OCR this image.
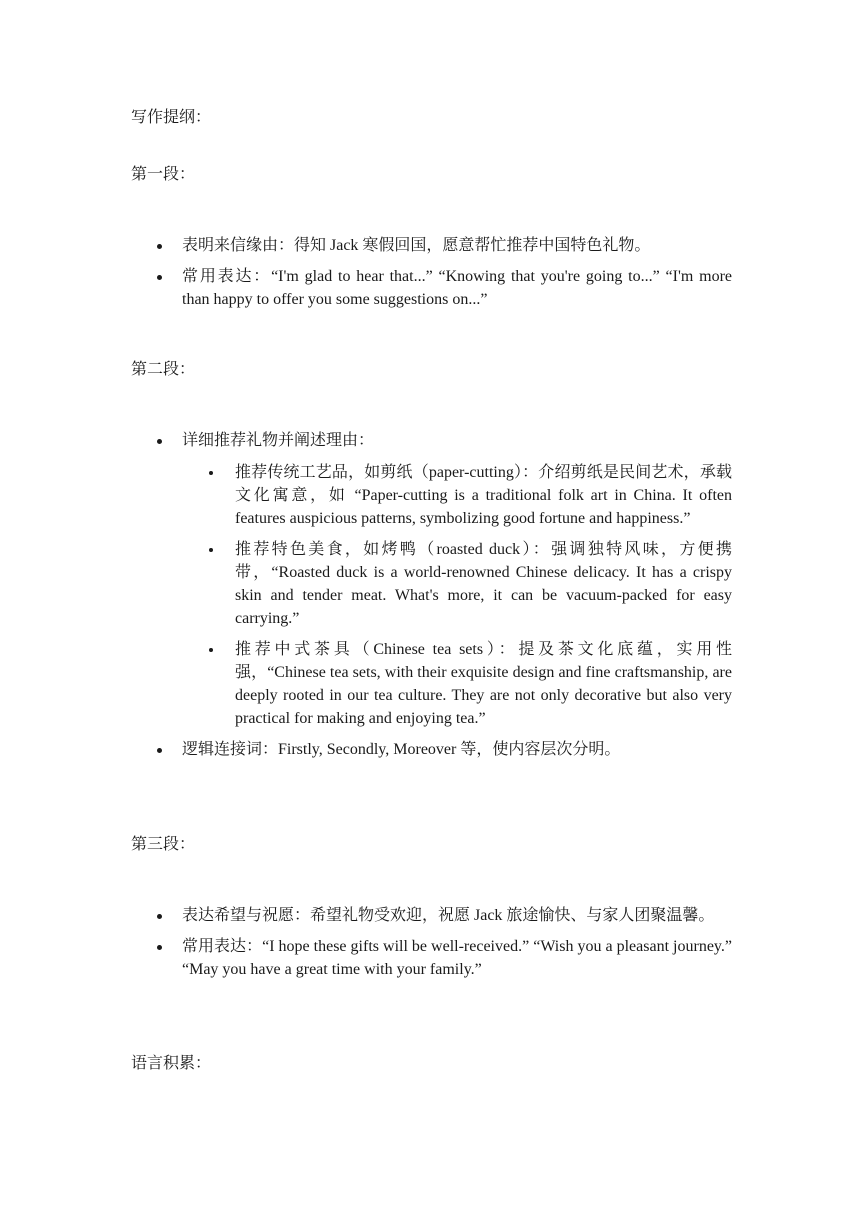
写作提纲：

第一段：

表明来信缘由：得知 Jack 寒假回国，愿意帮忙推荐中国特色礼物。
常用表达：“I'm glad to hear that...” “Knowing that you're going to...” “I'm more than happy to offer you some suggestions on...”

第二段：

详细推荐礼物并阐述理由：
推荐传统工艺品，如剪纸（paper-cutting）：介绍剪纸是民间艺术，承载文化寓意，如 “Paper-cutting is a traditional folk art in China. It often features auspicious patterns, symbolizing good fortune and happiness.”
推荐特色美食，如烤鸭（roasted duck）：强调独特风味，方便携带，“Roasted duck is a world-renowned Chinese delicacy. It has a crispy skin and tender meat. What's more, it can be vacuum-packed for easy carrying.”
推荐中式茶具（Chinese tea sets）：提及茶文化底蕴，实用性强，“Chinese tea sets, with their exquisite design and fine craftsmanship, are deeply rooted in our tea culture. They are not only decorative but also very practical for making and enjoying tea.”
逻辑连接词：Firstly, Secondly, Moreover 等，使内容层次分明。

第三段：

表达希望与祝愿：希望礼物受欢迎，祝愿 Jack 旅途愉快、与家人团聚温馨。
常用表达：“I hope these gifts will be well-received.” “Wish you a pleasant journey.” “May you have a great time with your family.”

语言积累：
